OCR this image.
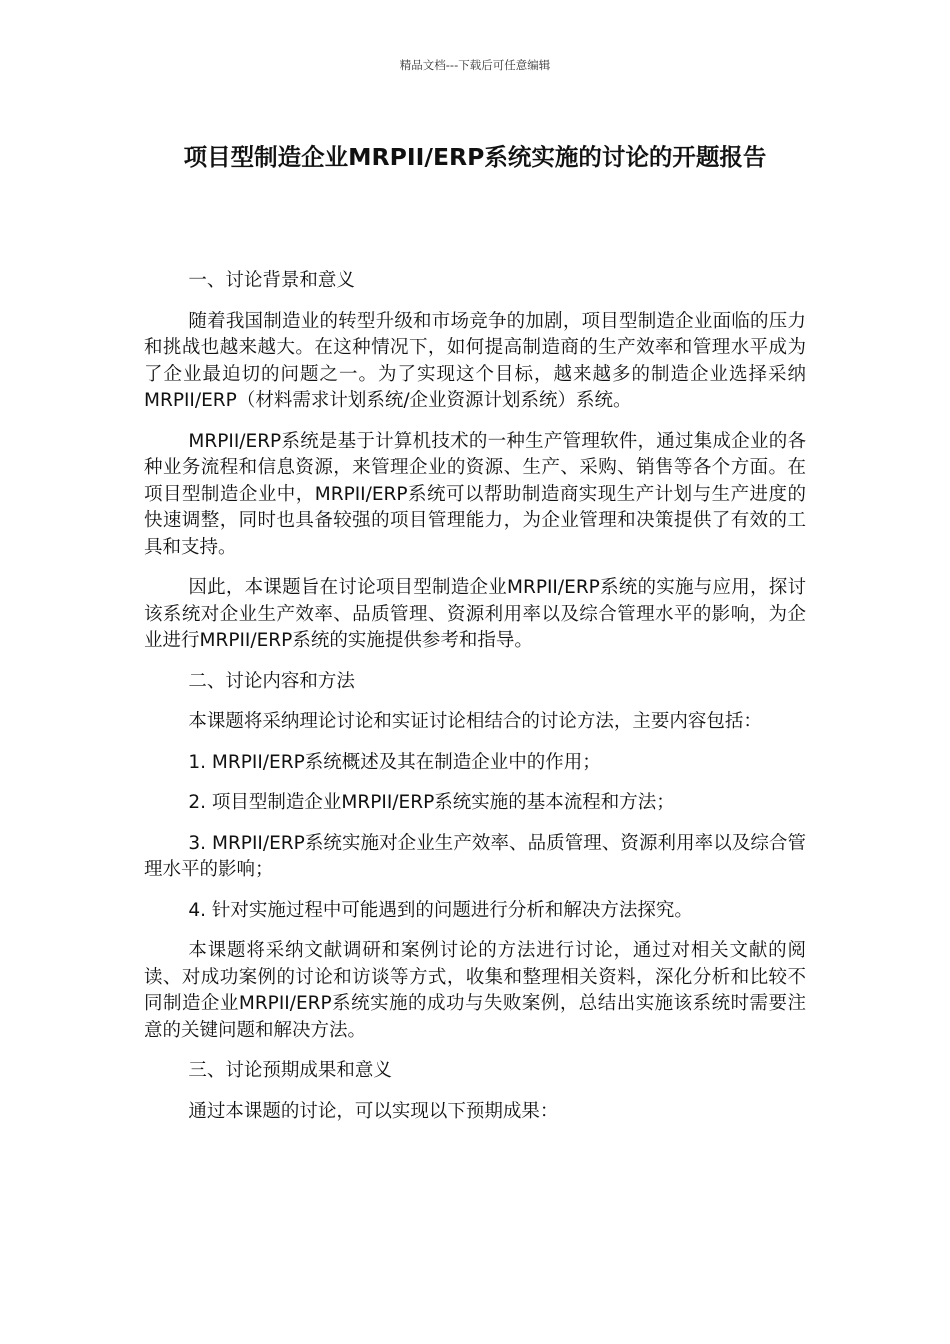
精品文档---下载后可任意编辑
项目型制造企业MRPII/ERP系统实施的讨论的开题报告

一、讨论背景和意义

随着我国制造业的转型升级和市场竞争的加剧，项目型制造企业面临的压力和挑战也越来越大。在这种情况下，如何提高制造商的生产效率和管理水平成为了企业最迫切的问题之一。为了实现这个目标，越来越多的制造企业选择采纳MRPII/ERP（材料需求计划系统/企业资源计划系统）系统。

MRPII/ERP系统是基于计算机技术的一种生产管理软件，通过集成企业的各种业务流程和信息资源，来管理企业的资源、生产、采购、销售等各个方面。在项目型制造企业中，MRPII/ERP系统可以帮助制造商实现生产计划与生产进度的快速调整，同时也具备较强的项目管理能力，为企业管理和决策提供了有效的工具和支持。

因此，本课题旨在讨论项目型制造企业MRPII/ERP系统的实施与应用，探讨该系统对企业生产效率、品质管理、资源利用率以及综合管理水平的影响，为企业进行MRPII/ERP系统的实施提供参考和指导。

二、讨论内容和方法

本课题将采纳理论讨论和实证讨论相结合的讨论方法，主要内容包括：

1. MRPII/ERP系统概述及其在制造企业中的作用；

2. 项目型制造企业MRPII/ERP系统实施的基本流程和方法；

3. MRPII/ERP系统实施对企业生产效率、品质管理、资源利用率以及综合管理水平的影响；

4. 针对实施过程中可能遇到的问题进行分析和解决方法探究。

本课题将采纳文献调研和案例讨论的方法进行讨论，通过对相关文献的阅读、对成功案例的讨论和访谈等方式，收集和整理相关资料，深化分析和比较不同制造企业MRPII/ERP系统实施的成功与失败案例，总结出实施该系统时需要注意的关键问题和解决方法。

三、讨论预期成果和意义

通过本课题的讨论，可以实现以下预期成果：
